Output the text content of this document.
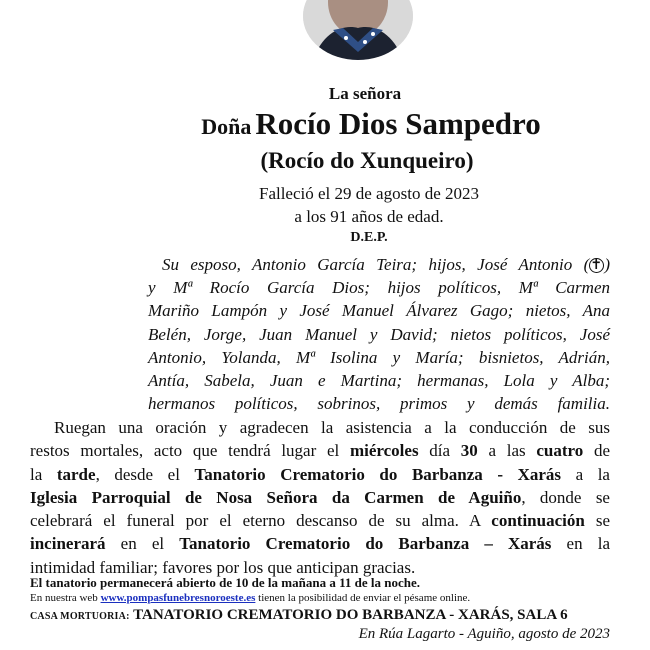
La señora
Doña Rocío Dios Sampedro
(Rocío do Xunqueiro)
Falleció el 29 de agosto de 2023
a los 91 años de edad.
D.E.P.
Su esposo, Antonio García Teira; hijos, José Antonio (✝ )
y Mª Rocío García Dios; hijos políticos, Mª Carmen
Mariño Lampón y José Manuel Álvarez Gago; nietos, Ana
Belén, Jorge, Juan Manuel y David; nietos políticos, José
Antonio, Yolanda, Mª Isolina y María; bisnietos, Adrián,
Antía, Sabela, Juan e Martina; hermanas, Lola y Alba;
hermanos políticos, sobrinos, primos y demás familia.
Ruegan una oración y agradecen la asistencia a la conducción de sus
restos mortales, acto que tendrá lugar el miércoles día 30 a las cuatro de
la tarde, desde el Tanatorio Crematorio do Barbanza - Xarás a la
Iglesia Parroquial de Nosa Señora da Carmen de Aguiño, donde se
celebrará el funeral por el eterno descanso de su alma. A continuación se
incinerará en el Tanatorio Crematorio do Barbanza – Xarás en la
intimidad familiar; favores por los que anticipan gracias.
El tanatorio permanecerá abierto de 10 de la mañana a 11 de la noche.
En nuestra web www.pompasfunebresnoroeste.es tienen la posibilidad de enviar el pésame online.
CASA MORTUORIA: TANATORIO CREMATORIO DO BARBANZA - XARÁS, SALA 6
En Rúa Lagarto - Aguiño, agosto de 2023
